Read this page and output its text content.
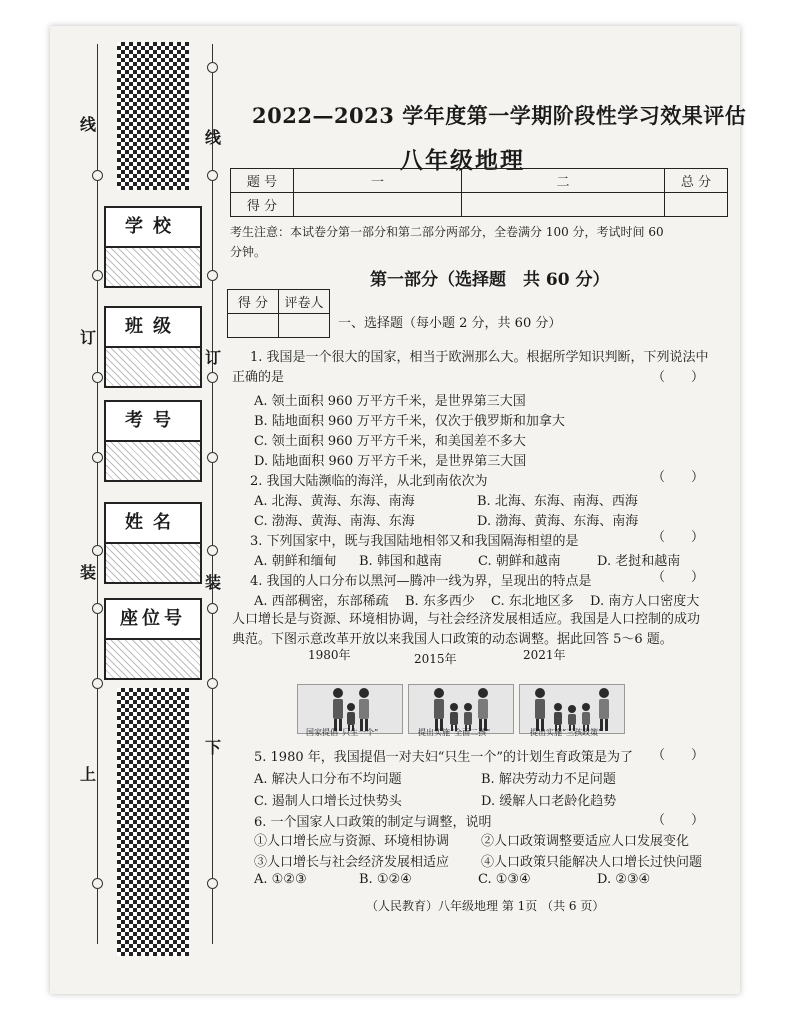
线
订
装
上
线
订
装
下
学校
班级
考号
姓名
座位号
2022—2023 学年度第一学期阶段性学习效果评估
八年级地理
题 号	一	二	总 分
得 分			
考生注意：本试卷分第一部分和第二部分两部分，全卷满分 100 分，考试时间 60
分钟。
第一部分（选择题　共 60 分）
得 分	评卷人

一、选择题（每小题 2 分，共 60 分）
1. 我国是一个很大的国家，相当于欧洲那么大。根据所学知识判断，下列说法中
正确的是	（　　）
A. 领土面积 960 万平方千米，是世界第三大国
B. 陆地面积 960 万平方千米，仅次于俄罗斯和加拿大
C. 领土面积 960 万平方千米，和美国差不多大
D. 陆地面积 960 万平方千米，是世界第三大国
2. 我国大陆濒临的海洋，从北到南依次为	（　　）
A. 北海、黄海、东海、南海	B. 北海、东海、南海、西海
C. 渤海、黄海、南海、东海	D. 渤海、黄海、东海、南海
3. 下列国家中，既与我国陆地相邻又和我国隔海相望的是	（　　）
A. 朝鲜和缅甸 B. 韩国和越南	C. 朝鲜和越南	D. 老挝和越南
4. 我国的人口分布以黑河—腾冲一线为界，呈现出的特点是	（　　）
A. 西部稠密，东部稀疏 B. 东多西少 C. 东北地区多 D. 南方人口密度大
人口增长是与资源、环境相协调，与社会经济发展相适应。我国是人口控制的成功
典范。下图示意改革开放以来我国人口政策的动态调整。据此回答 5～6 题。
1980年	2015年	2021年
国家提倡“只生一个”	提出实施“全面二孩”	提出实施“三孩政策”
5. 1980 年，我国提倡一对夫妇“只生一个”的计划生育政策是为了 （　　）
A. 解决人口分布不均问题	B. 解决劳动力不足问题
C. 遏制人口增长过快势头	D. 缓解人口老龄化趋势
6. 一个国家人口政策的制定与调整，说明	（　　）
①人口增长应与资源、环境相协调 ②人口政策调整要适应人口发展变化
③人口增长与社会经济发展相适应 ④人口政策只能解决人口增长过快问题
A. ①②③	B. ①②④	C. ①③④	D. ②③④
（人民教育）八年级地理 第 1页 （共 6 页）
